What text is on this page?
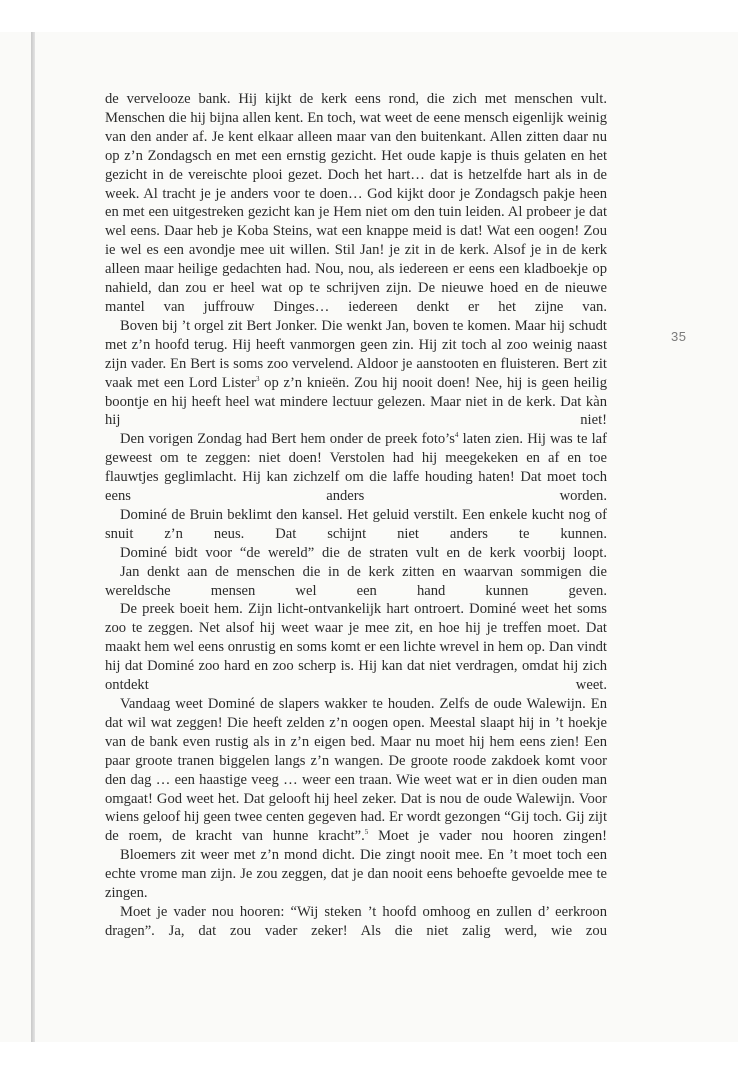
35

de vervelooze bank. Hij kijkt de kerk eens rond, die zich met menschen vult. Menschen die hij bijna allen kent. En toch, wat weet de eene mensch eigenlijk weinig van den ander af. Je kent elkaar alleen maar van den buitenkant. Allen zitten daar nu op z’n Zondagsch en met een ernstig gezicht. Het oude kapje is thuis gelaten en het gezicht in de vereischte plooi gezet. Doch het hart… dat is hetzelfde hart als in de week. Al tracht je je anders voor te doen… God kijkt door je Zondagsch pakje heen en met een uitgestreken gezicht kan je Hem niet om den tuin leiden. Al probeer je dat wel eens. Daar heb je Koba Steins, wat een knappe meid is dat! Wat een oogen! Zou ie wel es een avondje mee uit willen. Stil Jan! je zit in de kerk. Alsof je in de kerk alleen maar heilige gedachten had. Nou, nou, als iedereen er eens een kladboekje op nahield, dan zou er heel wat op te schrijven zijn. De nieuwe hoed en de nieuwe mantel van juffrouw Dinges… iedereen denkt er het zijne van.

Boven bij ’t orgel zit Bert Jonker. Die wenkt Jan, boven te komen. Maar hij schudt met z’n hoofd terug. Hij heeft vanmorgen geen zin. Hij zit toch al zoo weinig naast zijn vader. En Bert is soms zoo vervelend. Aldoor je aanstooten en fluisteren. Bert zit vaak met een Lord Lister$^3$ op z’n knieën. Zou hij nooit doen! Nee, hij is geen heilig boontje en hij heeft heel wat mindere lectuur gelezen. Maar niet in de kerk. Dat kàn hij niet!

Den vorigen Zondag had Bert hem onder de preek $foto’s^4$ laten zien. Hij was te laf geweest om te zeggen: niet doen! Verstolen had hij meegekeken en af en toe flauwtjes geglimlacht. Hij kan zichzelf om die laffe houding haten! Dat moet toch eens anders worden.

Dominé de Bruin beklimt den kansel. Het geluid verstilt. Een enkele kucht nog of snuit z’n neus. Dat schijnt niet anders te kunnen.

Dominé bidt voor “de wereld” die de straten vult en de kerk voorbij loopt.

Jan denkt aan de menschen die in de kerk zitten en waarvan sommigen die wereldsche mensen wel een hand kunnen geven.

De preek boeit hem. Zijn licht-ontvankelijk hart ontroert. Dominé weet het soms zoo te zeggen. Net alsof hij weet waar je mee zit, en hoe hij je treffen moet. Dat maakt hem wel eens onrustig en soms komt er een lichte wrevel in hem op. Dan vindt hij dat Dominé zoo hard en zoo scherp is. Hij kan dat niet verdragen, omdat hij zich ontdekt weet.

Vandaag weet Dominé de slapers wakker te houden. Zelfs de oude Walewijn. En dat wil wat zeggen! Die heeft zelden z’n oogen open. Meestal slaapt hij in ’t hoekje van de bank even rustig als in z’n eigen bed. Maar nu moet hij hem eens zien! Een paar groote tranen biggelen langs z’n wangen. De groote roode zakdoek komt voor den dag … een haastige veeg … weer een traan. Wie weet wat er in dien ouden man omgaat! God weet het. Dat gelooft hij heel zeker. Dat is nou de oude Walewijn. Voor wiens geloof hij geen twee centen gegeven had. Er wordt gezongen “Gij toch. Gij zijt de roem, de kracht van hunne kracht”.$^5$ Moet je vader nou hooren zingen!

Bloemers zit weer met z’n mond dicht. Die zingt nooit mee. En ’t moet toch een echte vrome man zijn. Je zou zeggen, dat je dan nooit eens behoefte gevoelde mee te zingen.

Moet je vader nou hooren: “Wij steken ’t hoofd omhoog en zullen d’ eerkroon dragen”. Ja, dat zou vader zeker! Als die niet zalig werd, wie zou
